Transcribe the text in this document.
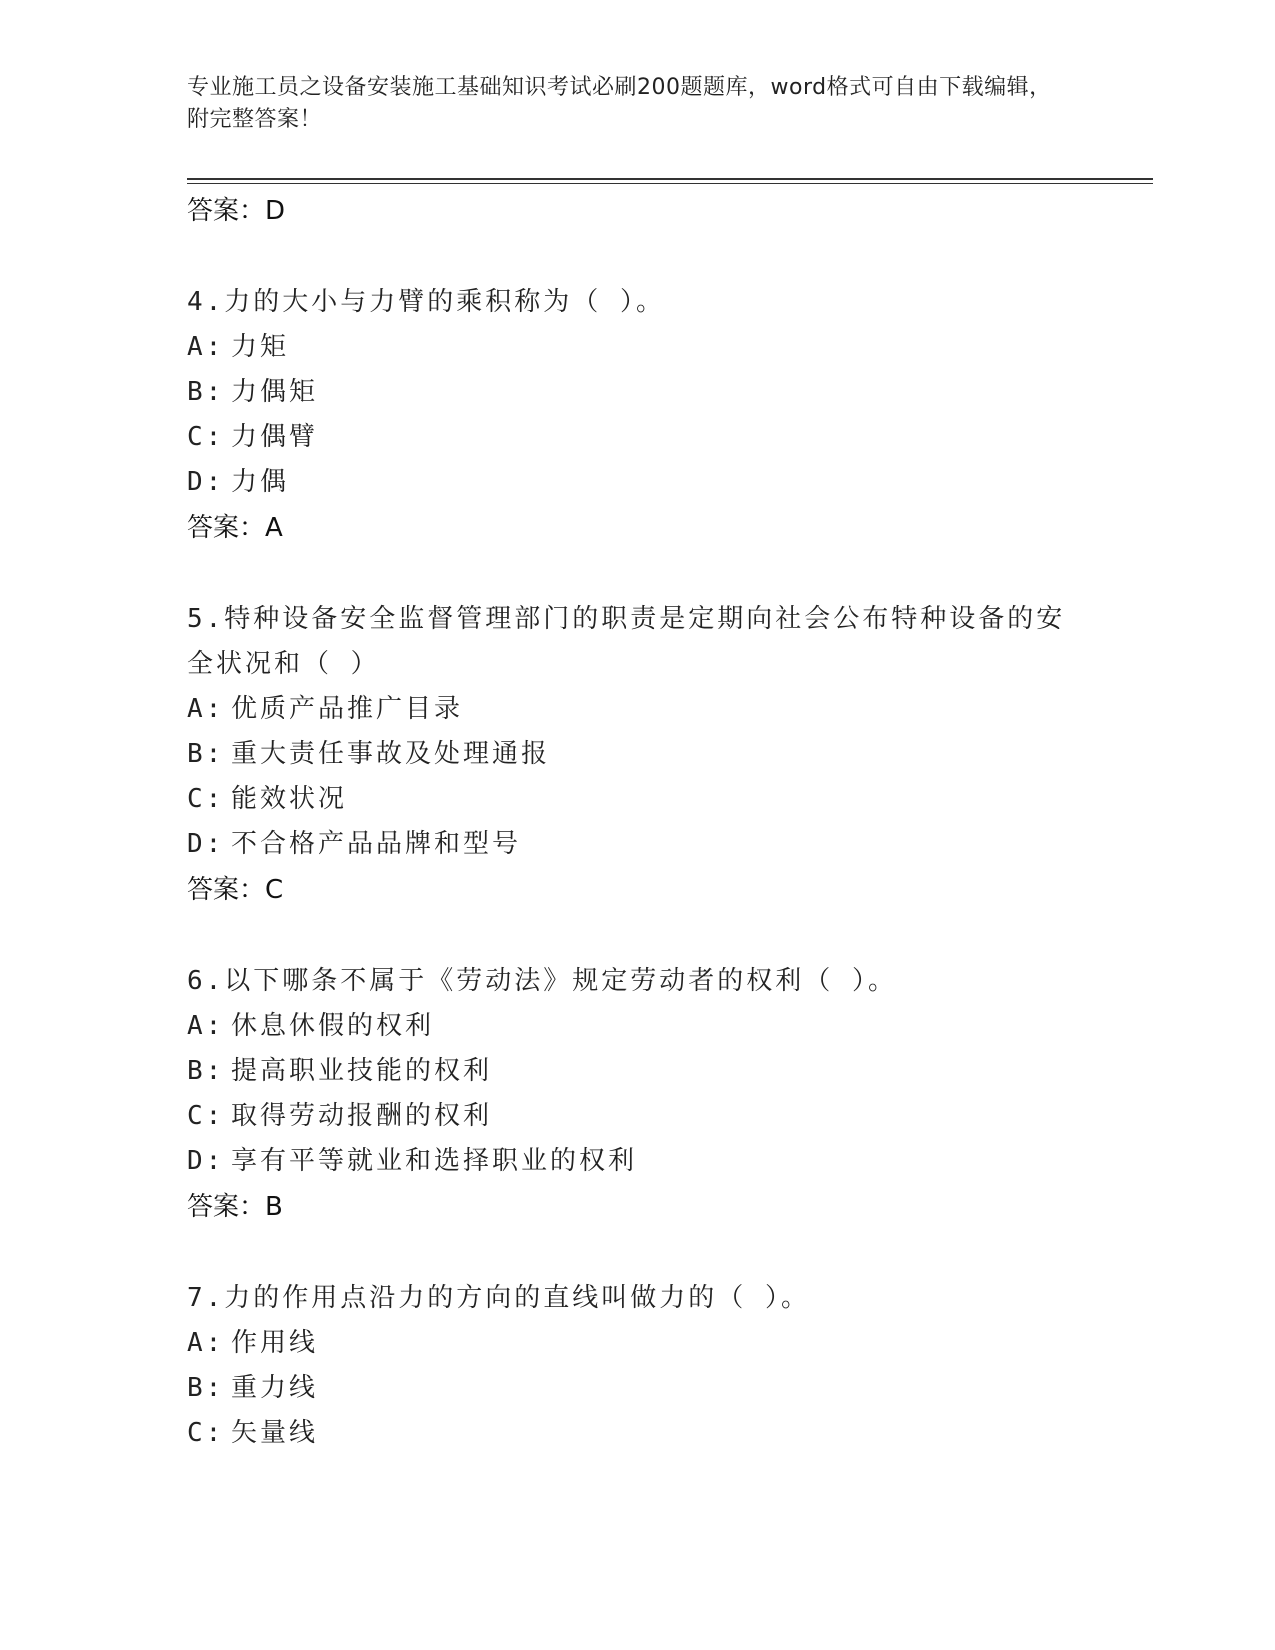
专业施工员之设备安装施工基础知识考试必刷200题题库，word格式可自由下载编辑，附完整答案！
答案：D
4.力的大小与力臂的乘积称为（ ）。
A: 力矩
B: 力偶矩
C: 力偶臂
D: 力偶
答案：A
5.特种设备安全监督管理部门的职责是定期向社会公布特种设备的安全状况和（ ）
A: 优质产品推广目录
B: 重大责任事故及处理通报
C: 能效状况
D: 不合格产品品牌和型号
答案：C
6.以下哪条不属于《劳动法》规定劳动者的权利（ ）。
A: 休息休假的权利
B: 提高职业技能的权利
C: 取得劳动报酬的权利
D: 享有平等就业和选择职业的权利
答案：B
7.力的作用点沿力的方向的直线叫做力的（ ）。
A: 作用线
B: 重力线
C: 矢量线
